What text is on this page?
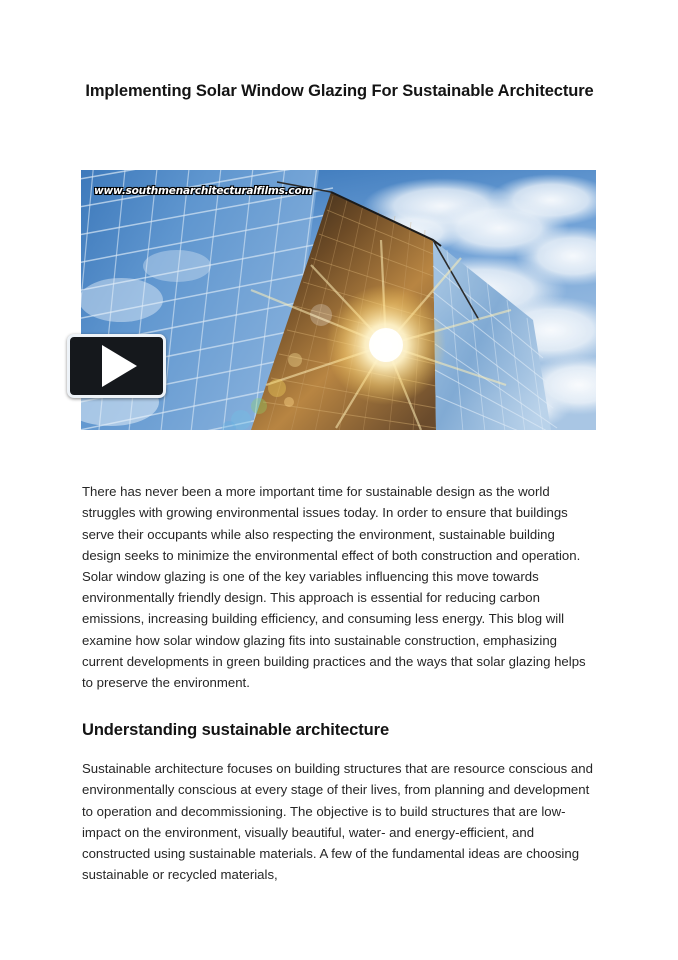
Implementing Solar Window Glazing For Sustainable Architecture
www.southmenarchitecturalfilms.com

There has never been a more important time for sustainable design as the world struggles with growing environmental issues today. In order to ensure that buildings serve their occupants while also respecting the environment, sustainable building design seeks to minimize the environmental effect of both construction and operation. Solar window glazing is one of the key variables influencing this move towards environmentally friendly design. This approach is essential for reducing carbon emissions, increasing building efficiency, and consuming less energy. This blog will examine how solar window glazing fits into sustainable construction, emphasizing current developments in green building practices and the ways that solar glazing helps to preserve the environment.

Understanding sustainable architecture

Sustainable architecture focuses on building structures that are resource conscious and environmentally conscious at every stage of their lives, from planning and development to operation and decommissioning. The objective is to build structures that are low-impact on the environment, visually beautiful, water- and energy-efficient, and constructed using sustainable materials. A few of the fundamental ideas are choosing sustainable or recycled materials,
